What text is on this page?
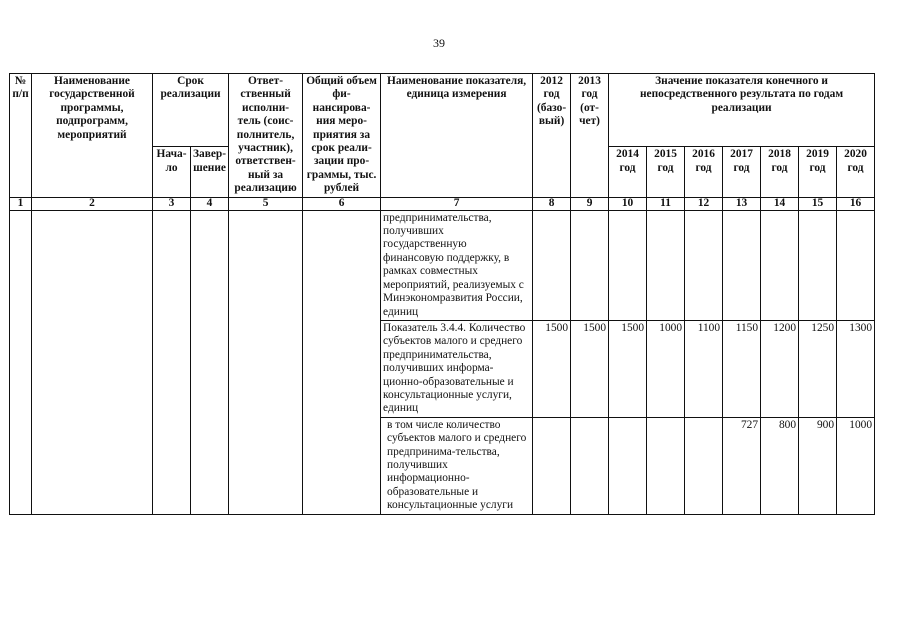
39
№ п/п	Наименование государственной программы, подпрограмм, мероприятий	Срок реализации		Ответ-ственный исполни-тель (соис-полнитель, участник), ответствен-ный за реализацию	Общий объем фи-нансирова-ния меро-приятия за срок реали-зации про-граммы, тыс. рублей	Наименование показателя, единица измерения	2012 год (базо-вый)	2013 год (от-чет)	Значение показателя конечного и непосредственного результата по годам реализации						
		Нача-ло	Завер-шение						2014 год	2015 год	2016 год	2017 год	2018 год	2019 год	2020 год
1	2	3	4	5	6	7	8	9	10	11	12	13	14	15	16
						предпринимательства, получивших государственную финансовую поддержку, в рамках совместных мероприятий, реализуемых с Минэкономразвития России, единиц									
						Показатель 3.4.4. Количество субъектов малого и среднего предпринимательства, получивших информа-ционно-образовательные и консультационные услуги, единиц	1500	1500	1500	1000	1100	1150	1200	1250	1300
						в том числе количество субъектов малого и среднего предпринима-тельства, получивших информационно-образовательные и консультационные услуги						727	800	900	1000
